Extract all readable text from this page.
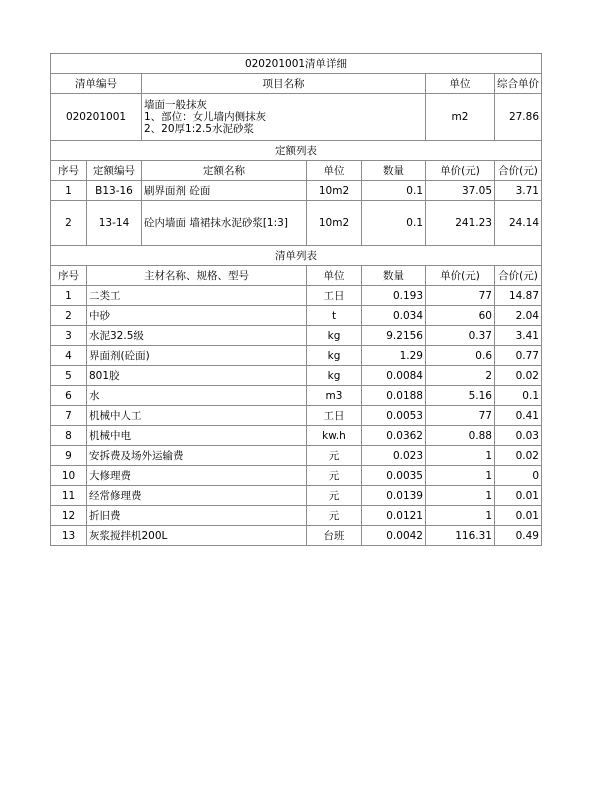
020201001清单详细						
清单编号		项目名称			单位	综合单价
020201001		墙面一般抹灰
1、部位：女儿墙内侧抹灰
2、20厚1:2.5水泥砂浆			m2	27.86
定额列表						
序号	定额编号	定额名称	单位	数量	单价(元)	合价(元)
1	B13-16	刷界面剂 砼面	10m2	0.1	37.05	3.71
2	13-14	砼内墙面 墙裙抹水泥砂浆[1:3]	10m2	0.1	241.23	24.14
清单列表						
序号	主材名称、规格、型号		单位	数量	单价(元)	合价(元)
1	二类工		工日	0.193	77	14.87
2	中砂		t	0.034	60	2.04
3	水泥32.5级		kg	9.2156	0.37	3.41
4	界面剂(砼面)		kg	1.29	0.6	0.77
5	801胶		kg	0.0084	2	0.02
6	水		m3	0.0188	5.16	0.1
7	机械中人工		工日	0.0053	77	0.41
8	机械中电		kw.h	0.0362	0.88	0.03
9	安拆费及场外运输费		元	0.023	1	0.02
10	大修理费		元	0.0035	1	0
11	经常修理费		元	0.0139	1	0.01
12	折旧费		元	0.0121	1	0.01
13	灰浆搅拌机200L		台班	0.0042	116.31	0.49
